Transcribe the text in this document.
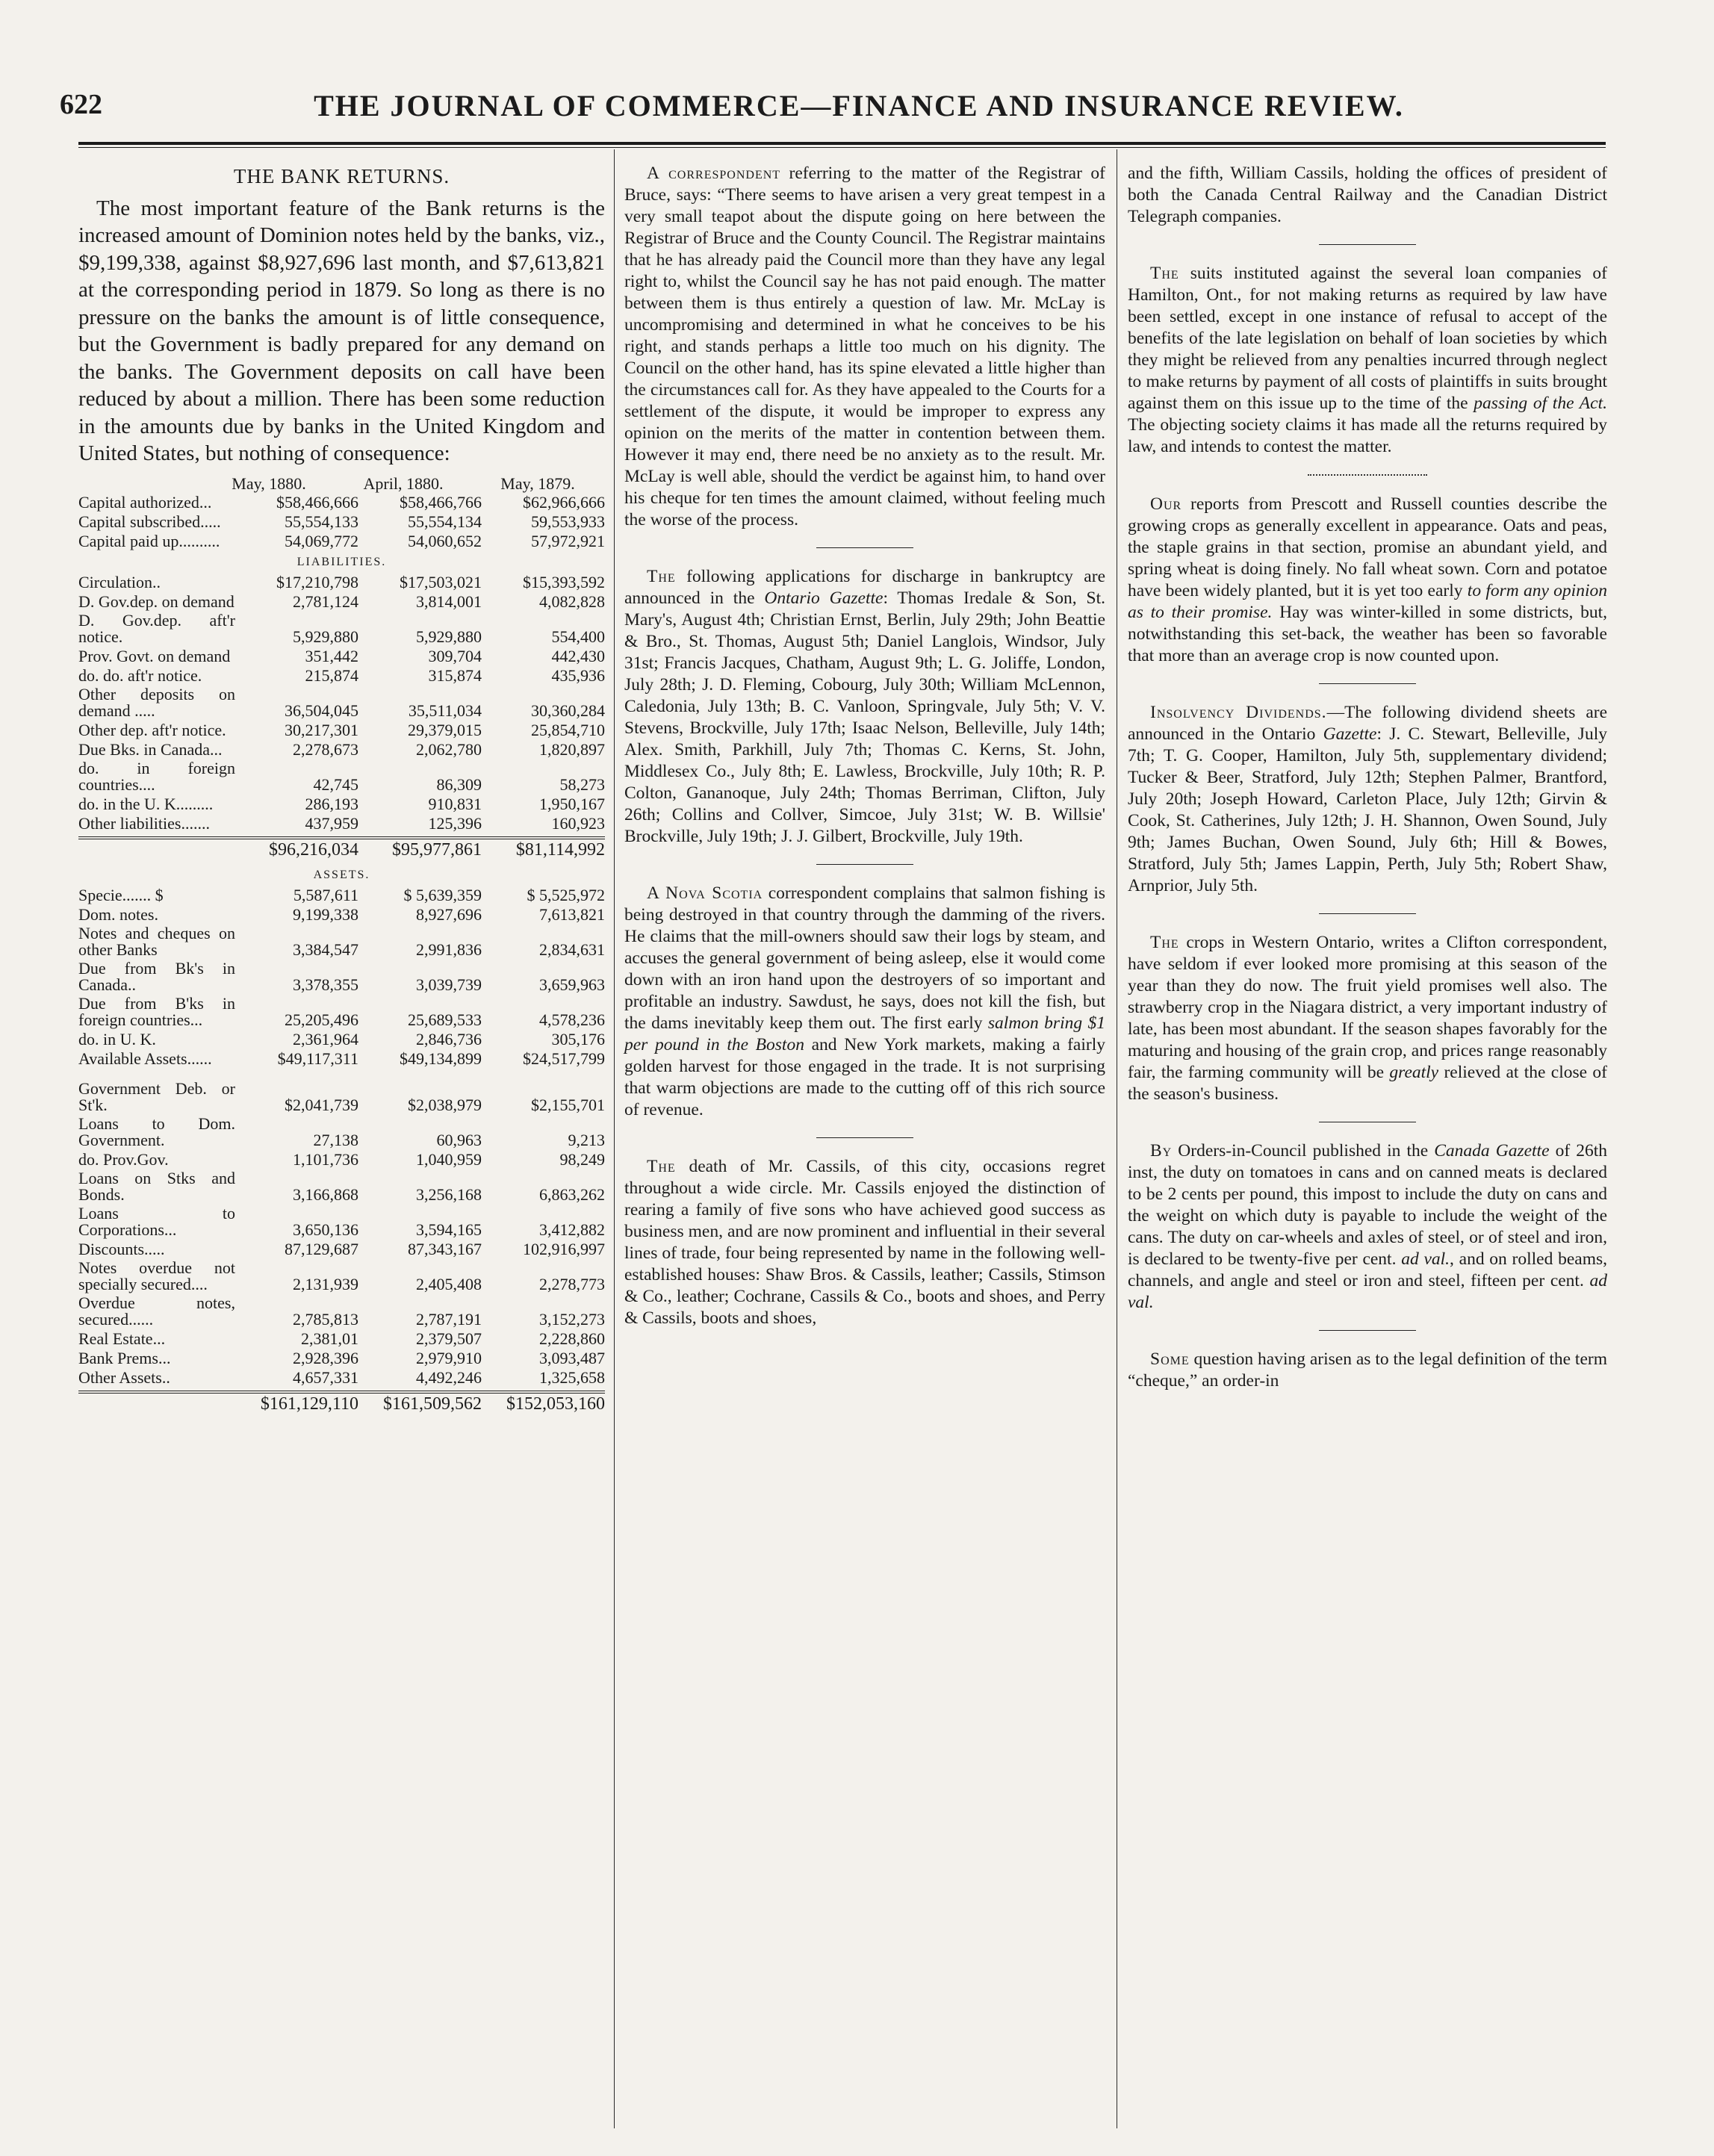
622	THE JOURNAL OF COMMERCE—FINANCE AND INSURANCE REVIEW.
THE BANK RETURNS.

The most important feature of the Bank returns is the increased amount of Dominion notes held by the banks, viz., $9,199,338, against $8,927,696 last month, and $7,613,821 at the corresponding period in 1879. So long as there is no pressure on the banks the amount is of little consequence, but the Government is badly prepared for any demand on the banks. The Government deposits on call have been reduced by about a million. There has been some reduction in the amounts due by banks in the United Kingdom and United States, but nothing of consequence:

May, 1880.	April, 1880.	May, 1879.
Capital authorized...	$58,466,666	$58,466,766	$62,966,666
Capital subscribed.....	55,554,133	55,554,134	59,553,933
Capital paid up..........	54,069,772	54,060,652	57,972,921
LIABILITIES.
Circulation..	$17,210,798	$17,503,021	$15,393,592
D. Gov.dep. on demand	2,781,124	3,814,001	4,082,828
D. Gov.dep. aft'r notice.	5,929,880	5,929,880	554,400
Prov. Govt. on demand	351,442	309,704	442,430
do. do. aft'r notice.	215,874	315,874	435,936
Other deposits on demand .....	36,504,045	35,511,034	30,360,284
Other dep. aft'r notice.	30,217,301	29,379,015	25,854,710
Due Bks. in Canada...	2,278,673	2,062,780	1,820,897
do. in foreign countries....	42,745	86,309	58,273
do. in the U. K.........	286,193	910,831	1,950,167
Other liabilities.......	437,959	125,396	160,923
$96,216,034	$95,977,861	$81,114,992
ASSETS.
Specie....... $	5,587,611	$ 5,639,359	$ 5,525,972
Dom. notes.	9,199,338	8,927,696	7,613,821
Notes and cheques on other Banks	3,384,547	2,991,836	2,834,631
Due from Bk's in Canada..	3,378,355	3,039,739	3,659,963
Due from B'ks in foreign countries...	25,205,496	25,689,533	4,578,236
do. in U. K.	2,361,964	2,846,736	305,176
Available Assets......	$49,117,311	$49,134,899	$24,517,799
Government Deb. or St'k.	$2,041,739	$2,038,979	$2,155,701
Loans to Dom. Government.	27,138	60,963	9,213
do. Prov.Gov.	1,101,736	1,040,959	98,249
Loans on Stks and Bonds.	3,166,868	3,256,168	6,863,262
Loans to Corporations...	3,650,136	3,594,165	3,412,882
Discounts.....	87,129,687	87,343,167	102,916,997
Notes overdue not specially secured....	2,131,939	2,405,408	2,278,773
Overdue notes, secured......	2,785,813	2,787,191	3,152,273
Real Estate...	2,381,01	2,379,507	2,228,860
Bank Prems...	2,928,396	2,979,910	3,093,487
Other Assets..	4,657,331	4,492,246	1,325,658
$161,129,110	$161,509,562	$152,053,160

A correspondent referring to the matter of the Registrar of Bruce, says: “There seems to have arisen a very great tempest in a very small teapot about the dispute going on here between the Registrar of Bruce and the County Council. The Registrar maintains that he has already paid the Council more than they have any legal right to, whilst the Council say he has not paid enough. The matter between them is thus entirely a question of law. Mr. McLay is uncompromising and determined in what he conceives to be his right, and stands perhaps a little too much on his dignity. The Council on the other hand, has its spine elevated a little higher than the circumstances call for. As they have appealed to the Courts for a settlement of the dispute, it would be improper to express any opinion on the merits of the matter in contention between them. However it may end, there need be no anxiety as to the result. Mr. McLay is well able, should the verdict be against him, to hand over his cheque for ten times the amount claimed, without feeling much the worse of the process.

The following applications for discharge in bankruptcy are announced in the Ontario Gazette: Thomas Iredale & Son, St. Mary's, August 4th; Christian Ernst, Berlin, July 29th; John Beattie & Bro., St. Thomas, August 5th; Daniel Langlois, Windsor, July 31st; Francis Jacques, Chatham, August 9th; L. G. Joliffe, London, July 28th; J. D. Fleming, Cobourg, July 30th; William McLennon, Caledonia, July 13th; B. C. Vanloon, Springvale, July 5th; V. V. Stevens, Brockville, July 17th; Isaac Nelson, Belleville, July 14th; Alex. Smith, Parkhill, July 7th; Thomas C. Kerns, St. John, Middlesex Co., July 8th; E. Lawless, Brockville, July 10th; R. P. Colton, Gananoque, July 24th; Thomas Berriman, Clifton, July 26th; Collins and Collver, Simcoe, July 31st; W. B. Willsie' Brockville, July 19th; J. J. Gilbert, Brockville, July 19th.

A Nova Scotia correspondent complains that salmon fishing is being destroyed in that country through the damming of the rivers. He claims that the mill-owners should saw their logs by steam, and accuses the general government of being asleep, else it would come down with an iron hand upon the destroyers of so important and profitable an industry. Sawdust, he says, does not kill the fish, but the dams inevitably keep them out. The first early salmon bring $1 per pound in the Boston and New York markets, making a fairly golden harvest for those engaged in the trade. It is not surprising that warm objections are made to the cutting off of this rich source of revenue.

The death of Mr. Cassils, of this city, occasions regret throughout a wide circle. Mr. Cassils enjoyed the distinction of rearing a family of five sons who have achieved good success as business men, and are now prominent and influential in their several lines of trade, four being represented by name in the following well-established houses: Shaw Bros. & Cassils, leather; Cassils, Stimson & Co., leather; Cochrane, Cassils & Co., boots and shoes, and Perry & Cassils, boots and shoes,

and the fifth, William Cassils, holding the offices of president of both the Canada Central Railway and the Canadian District Telegraph companies.

The suits instituted against the several loan companies of Hamilton, Ont., for not making returns as required by law have been settled, except in one instance of refusal to accept of the benefits of the late legislation on behalf of loan societies by which they might be relieved from any penalties incurred through neglect to make returns by payment of all costs of plaintiffs in suits brought against them on this issue up to the time of the passing of the Act. The objecting society claims it has made all the returns required by law, and intends to contest the matter.

Our reports from Prescott and Russell counties describe the growing crops as generally excellent in appearance. Oats and peas, the staple grains in that section, promise an abundant yield, and spring wheat is doing finely. No fall wheat sown. Corn and potatoe have been widely planted, but it is yet too early to form any opinion as to their promise. Hay was winter-killed in some districts, but, notwithstanding this set-back, the weather has been so favorable that more than an average crop is now counted upon.

Insolvency Dividends.—The following dividend sheets are announced in the Ontario Gazette: J. C. Stewart, Belleville, July 7th; T. G. Cooper, Hamilton, July 5th, supplementary dividend; Tucker & Beer, Stratford, July 12th; Stephen Palmer, Brantford, July 20th; Joseph Howard, Carleton Place, July 12th; Girvin & Cook, St. Catherines, July 12th; J. H. Shannon, Owen Sound, July 9th; James Buchan, Owen Sound, July 6th; Hill & Bowes, Stratford, July 5th; James Lappin, Perth, July 5th; Robert Shaw, Arnprior, July 5th.

The crops in Western Ontario, writes a Clifton correspondent, have seldom if ever looked more promising at this season of the year than they do now. The fruit yield promises well also. The strawberry crop in the Niagara district, a very important industry of late, has been most abundant. If the season shapes favorably for the maturing and housing of the grain crop, and prices range reasonably fair, the farming community will be greatly relieved at the close of the season's business.

By Orders-in-Council published in the Canada Gazette of 26th inst, the duty on tomatoes in cans and on canned meats is declared to be 2 cents per pound, this impost to include the duty on cans and the weight on which duty is payable to include the weight of the cans. The duty on car-wheels and axles of steel, or of steel and iron, is declared to be twenty-five per cent. ad val., and on rolled beams, channels, and angle and steel or iron and steel, fifteen per cent. ad val.

Some question having arisen as to the legal definition of the term “cheque,” an order-in
